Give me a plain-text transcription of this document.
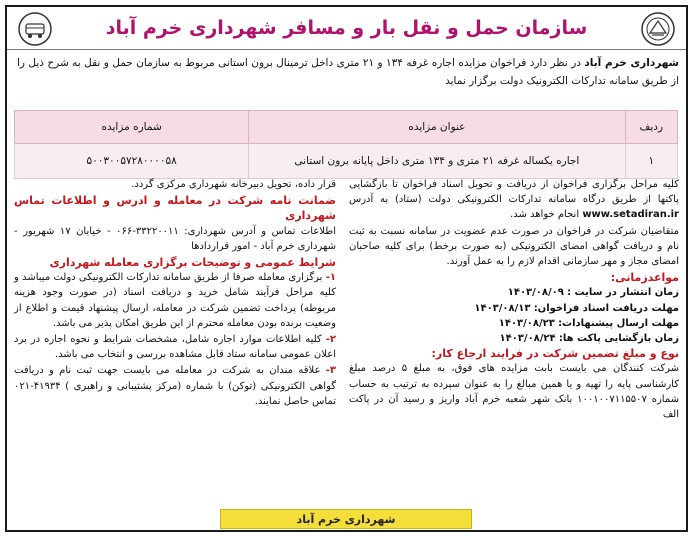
سازمان حمل و نقل بار و مسافر شهرداری خرم آباد
شهرداری خرم آباد در نظر دارد فراخوان مزایده اجاره غرفه ۱۳۴ و ۲۱ متری داخل ترمینال برون استانی مربوط به سازمان حمل و نقل به شرح ذیل را از طریق سامانه تدارکات الکترونیک دولت برگزار نماید
ردیف	عنوان مزایده	شماره مزایده
۱	اجاره یکساله غرفه ۲۱ متری و ۱۳۴ متری داخل پایانه برون استانی	۵۰۰۳۰۰۵۷۲۸۰۰۰۰۵۸

کلیه مراحل برگزاری فراخوان از دریافت و تحویل اسناد فراخوان تا بازگشایی پاکتها از طریق درگاه سامانه تدارکات الکترونیکی دولت (ستاد) به آدرس www.setadiran.ir انجام خواهد شد.

متقاضیان شرکت در فراخوان در صورت عدم عضویت در سامانه نسبت به ثبت نام و دریافت گواهی امضای الکترونیکی (به صورت برخط) برای کلیه صاحبان امضای مجاز و مهر سازمانی اقدام لازم را به عمل آورند.

مواعدزمانی:
زمان انتشار در سایت : ۱۴۰۳/۰۸/۰۹
مهلت دریافت اسناد فراخوان: ۱۴۰۳/۰۸/۱۳
مهلت ارسال پیشنهادات: ۱۴۰۳/۰۸/۲۳
زمان بازگشایی پاکت ها: ۱۴۰۳/۰۸/۲۴
نوع و مبلغ تضمین شرکت در فرایند ارجاع کار:

شرکت کنندگان می بایست بابت مزایده های فوق، به مبلغ ۵ درصد مبلغ کارشناسی پایه را تهیه و یا همین مبالغ را به عنوان سپرده به ترتیب به حساب شماره ۱۰۰۱۰۰۷۱۱۵۵۰۷ بانک شهر شعبه خرم آباد واریز و رسید آن در پاکت الف

قرار داده، تحویل دبیرخانه شهرداری مرکزی گردد.

ضمانت نامه شرکت در معامله و ادرس و اطلاعات تماس شهرداری

اطلاعات تماس و آدرس شهرداری: ۳۳۲۲۰۰۱۱-۰۶۶ - خیابان ۱۷ شهریور - شهرداری خرم آباد - امور قراردادها

شرایط عمومی و توضیحات برگزاری معامله شهرداری

۱- برگزاری معامله صرفا از طریق سامانه تدارکات الکترونیکی دولت میباشد و کلیه مراحل فرآیند شامل خرید و دریافت اسناد (در صورت وجود هزینه مربوطه) پرداخت تضمین شرکت در معامله، ارسال پیشنهاد قیمت و اطلاع از وضعیت برنده بودن معامله محترم از این طریق امکان پذیر می باشد.

۲- کلیه اطلاعات موارد اجاره شامل، مشخصات شرایط و نحوه اجاره در برد اعلان عمومی سامانه ستاد قابل مشاهده بررسی و انتخاب می باشد.

۳- علاقه مندان به شرکت در معامله می بایست جهت ثبت نام و دریافت گواهی الکترونیکی (توکن) با شماره (مرکز پشتیبانی و راهبری ) ۴۱۹۳۴-۰۲۱ تماس حاصل نمایند.

شهرداری خرم آباد
